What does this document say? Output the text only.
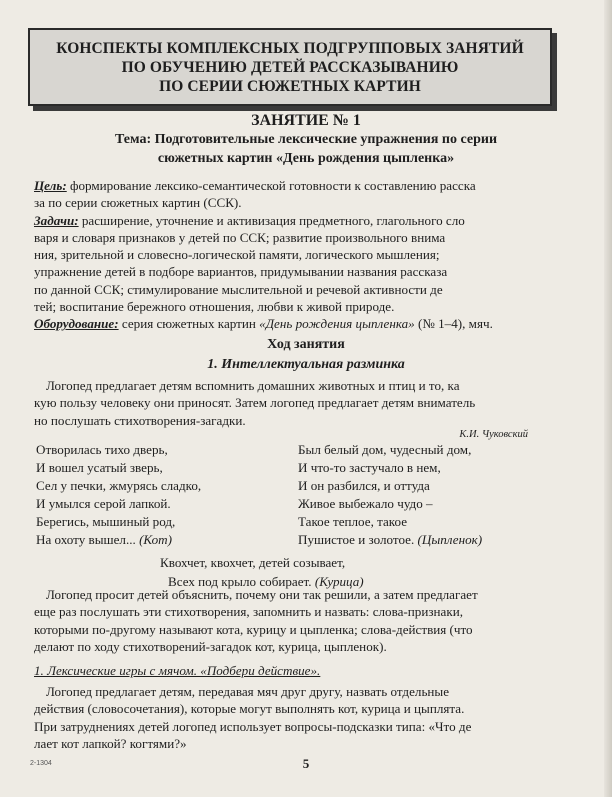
КОНСПЕКТЫ КОМПЛЕКСНЫХ ПОДГРУППОВЫХ ЗАНЯТИЙ
ПО ОБУЧЕНИЮ ДЕТЕЙ РАССКАЗЫВАНИЮ
ПО СЕРИИ СЮЖЕТНЫХ КАРТИН
ЗАНЯТИЕ № 1
Тема: Подготовительные лексические упражнения по серии
сюжетных картин «День рождения цыпленка»
Цель: формирование лексико-семантической готовности к составлению расска
за по серии сюжетных картин (ССК).
Задачи: расширение, уточнение и активизация предметного, глагольного сло
варя и словаря признаков у детей по ССК; развитие произвольного внима
ния, зрительной и словесно-логической памяти, логического мышления;
упражнение детей в подборе вариантов, придумывании названия рассказа
по данной ССК; стимулирование мыслительной и речевой активности де
тей; воспитание бережного отношения, любви к живой природе.
Оборудование: серия сюжетных картин «День рождения цыпленка» (№ 1–4), мяч.
Ход занятия
1. Интеллектуальная разминка
Логопед предлагает детям вспомнить домашних животных и птиц и то, ка
кую пользу человеку они приносят. Затем логопед предлагает детям вниматель
но послушать стихотворения-загадки.
К.И. Чуковский
Отворилась тихо дверь,
И вошел усатый зверь,
Сел у печки, жмурясь сладко,
И умылся серой лапкой.
Берегись, мышиный род,
На охоту вышел... (Кот)
Был белый дом, чудесный дом,
И что-то застучало в нем,
И он разбился, и оттуда
Живое выбежало чудо –
Такое теплое, такое
Пушистое и золотое. (Цыпленок)
Квохчет, квохчет, детей созывает,
Всех под крыло собирает. (Курица)
Логопед просит детей объяснить, почему они так решили, а затем предлагает
еще раз послушать эти стихотворения, запомнить и назвать: слова-признаки,
которыми по-другому называют кота, курицу и цыпленка; слова-действия (что
делают по ходу стихотворений-загадок кот, курица, цыпленок).
1. Лексические игры с мячом. «Подбери действие».
Логопед предлагает детям, передавая мяч друг другу, назвать отдельные
действия (словосочетания), которые могут выполнять кот, курица и цыплята.
При затруднениях детей логопед использует вопросы-подсказки типа: «Что де
лает кот лапкой? когтями?»
2-1304	5
